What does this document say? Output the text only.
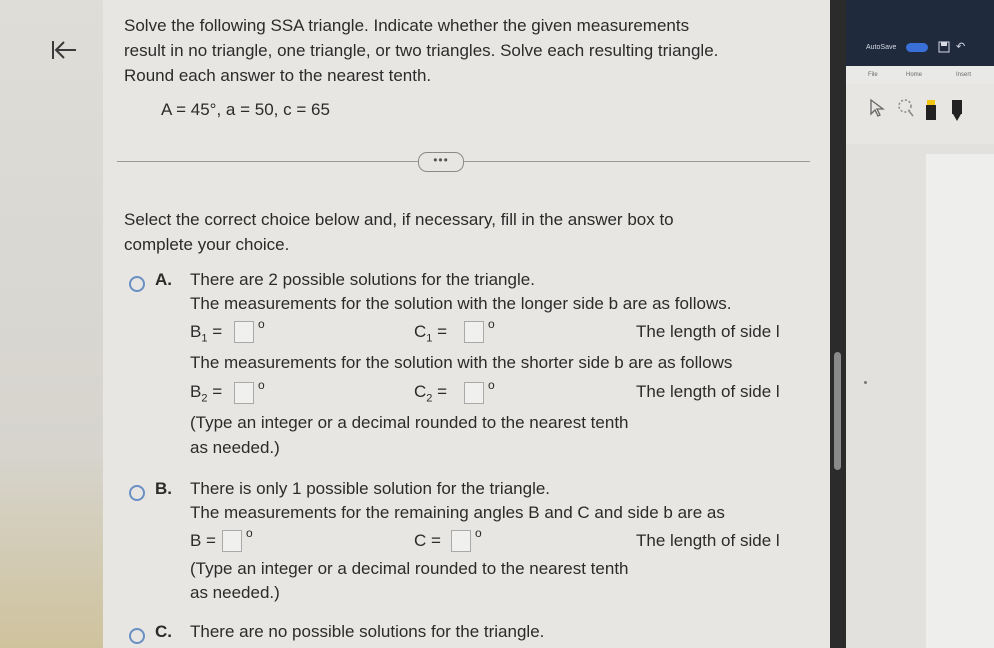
Solve the following SSA triangle. Indicate whether the given measurements
result in no triangle, one triangle, or two triangles. Solve each resulting triangle.
Round each answer to the nearest tenth.
A = 45°, a = 50, c = 65
•••
Select the correct choice below and, if necessary, fill in the answer box to
complete your choice.
A. There are 2 possible solutions for the triangle.
The measurements for the solution with the longer side b are as follows.
$B_1$ =	o	$C_1$ =	o	The length of side l
The measurements for the solution with the shorter side b are as follows
$B_2$ =	o	$C_2$ =	o	The length of side l
(Type an integer or a decimal rounded to the nearest tenth
as needed.)
B. There is only 1 possible solution for the triangle.
The measurements for the remaining angles B and C and side b are as
B =	o	C =	o	The length of side l
(Type an integer or a decimal rounded to the nearest tenth
as needed.)
C. There are no possible solutions for the triangle.
AutoSave	↶
File	Home	Insert
